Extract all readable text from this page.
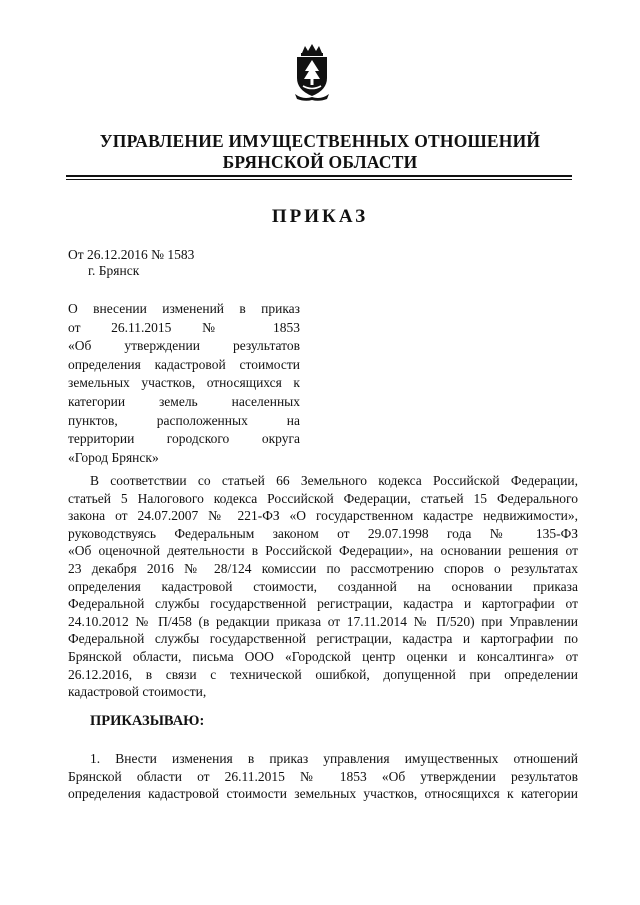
УПРАВЛЕНИЕ ИМУЩЕСТВЕННЫХ ОТНОШЕНИЙ
БРЯНСКОЙ ОБЛАСТИ
ПРИКАЗ
От 26.12.2016 № 1583
г. Брянск
О внесении изменений в приказ
от 26.11.2015 № 1853
«Об утверждении результатов
определения кадастровой стоимости
земельных участков, относящихся к
категории земель населенных
пунктов, расположенных на
территории городского округа
«Город Брянск»
В соответствии со статьей 66 Земельного кодекса Российской Федерации,
статьей 5 Налогового кодекса Российской Федерации, статьей 15 Федерального
закона от 24.07.2007 № 221-ФЗ «О государственном кадастре недвижимости»,
руководствуясь Федеральным законом от 29.07.1998 года № 135-ФЗ
«Об оценочной деятельности в Российской Федерации», на основании решения от
23 декабря 2016 № 28/124 комиссии по рассмотрению споров о результатах
определения кадастровой стоимости, созданной на основании приказа
Федеральной службы государственной регистрации, кадастра и картографии от
24.10.2012 № П/458 (в редакции приказа от 17.11.2014 № П/520) при Управлении
Федеральной службы государственной регистрации, кадастра и картографии по
Брянской области, письма ООО «Городской центр оценки и консалтинга» от
26.12.2016, в связи с технической ошибкой, допущенной при определении
кадастровой стоимости,
ПРИКАЗЫВАЮ:
1. Внести изменения в приказ управления имущественных отношений
Брянской области от 26.11.2015 № 1853 «Об утверждении результатов
определения кадастровой стоимости земельных участков, относящихся к категории
